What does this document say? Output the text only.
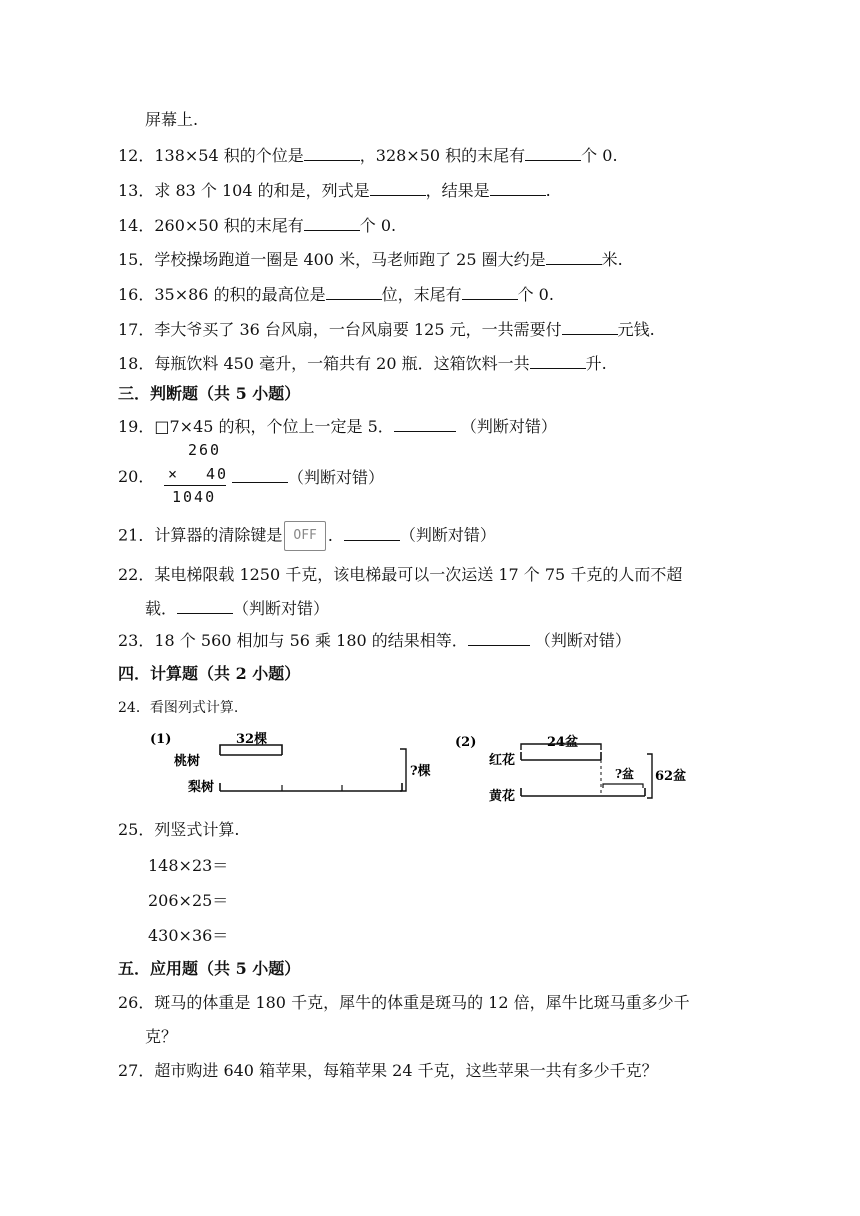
屏幕上.
12．138×54 积的个位是	，328×50 积的末尾有	个 0.
13．求 83 个 104 的和是，列式是	，结果是	.
14．260×50 积的末尾有	个 0.
15．学校操场跑道一圈是 400 米，马老师跑了 25 圈大约是	米.
16．35×86 的积的最高位是	位，末尾有	个 0.
17．李大爷买了 36 台风扇，一台风扇要 125 元，一共需要付	元钱.
18．每瓶饮料 450 毫升，一箱共有 20 瓶．这箱饮料一共	升.
三．判断题（共 5 小题）
19．□7×45 的积，个位上一定是 5．	（判断对错）
20．
260
× 40
1040
（判断对错）
21．计算器的清除键是 OFF ．	（判断对错）
22．某电梯限载 1250 千克，该电梯最可以一次运送 17 个 75 千克的人而不超
载．	（判断对错）
23．18 个 560 相加与 56 乘 180 的结果相等．	（判断对错）
四．计算题（共 2 小题）
24．看图列式计算.
(1)	32棵
桃树
梨树
?棵
(2)	24盆
红花
?盆
黄花
62盆
25．列竖式计算.
148×23＝
206×25＝
430×36＝
五．应用题（共 5 小题）
26．斑马的体重是 180 千克，犀牛的体重是斑马的 12 倍，犀牛比斑马重多少千
克？
27．超市购进 640 箱苹果，每箱苹果 24 千克，这些苹果一共有多少千克？
